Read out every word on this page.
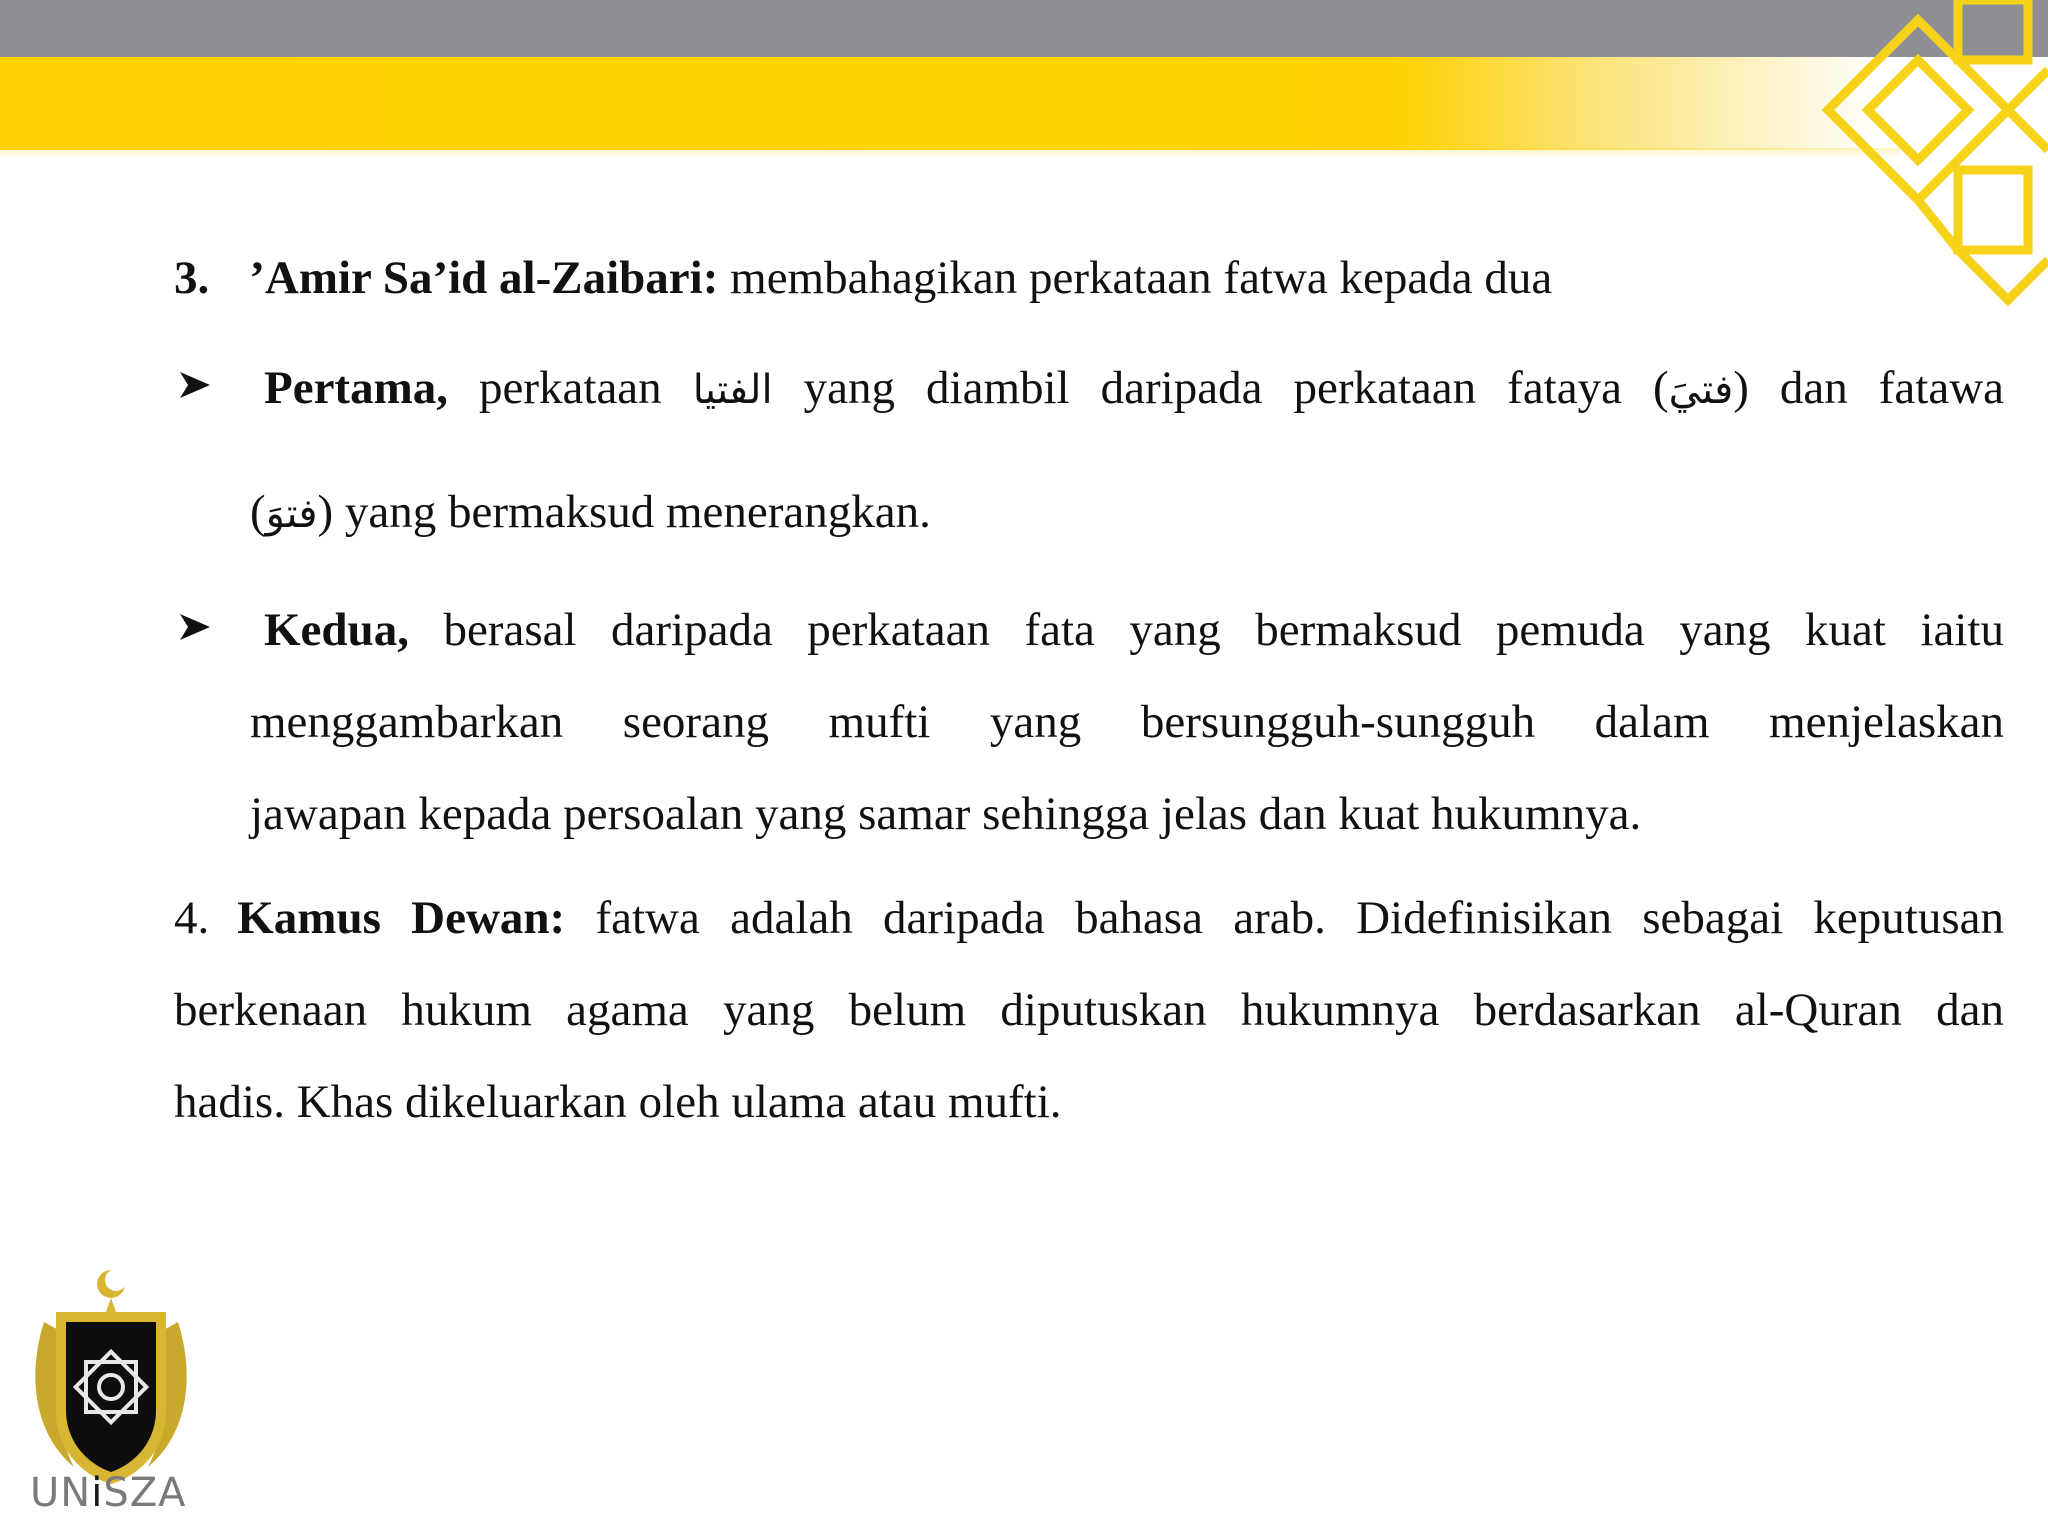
3. ’Amir Sa’id al-Zaibari: membahagikan perkataan fatwa kepada dua
Pertama, perkataan الفتيا yang diambil daripada perkataan fataya (فتيَ) dan fatawa
(فتوَ) yang bermaksud menerangkan.
Kedua, berasal daripada perkataan fata yang bermaksud pemuda yang kuat iaitu
menggambarkan seorang mufti yang bersungguh-sungguh dalam menjelaskan
jawapan kepada persoalan yang samar sehingga jelas dan kuat hukumnya.
4. Kamus Dewan: fatwa adalah daripada bahasa arab. Didefinisikan sebagai keputusan
berkenaan hukum agama yang belum diputuskan hukumnya berdasarkan al-Quran dan
hadis. Khas dikeluarkan oleh ulama atau mufti.
UNiSZA
